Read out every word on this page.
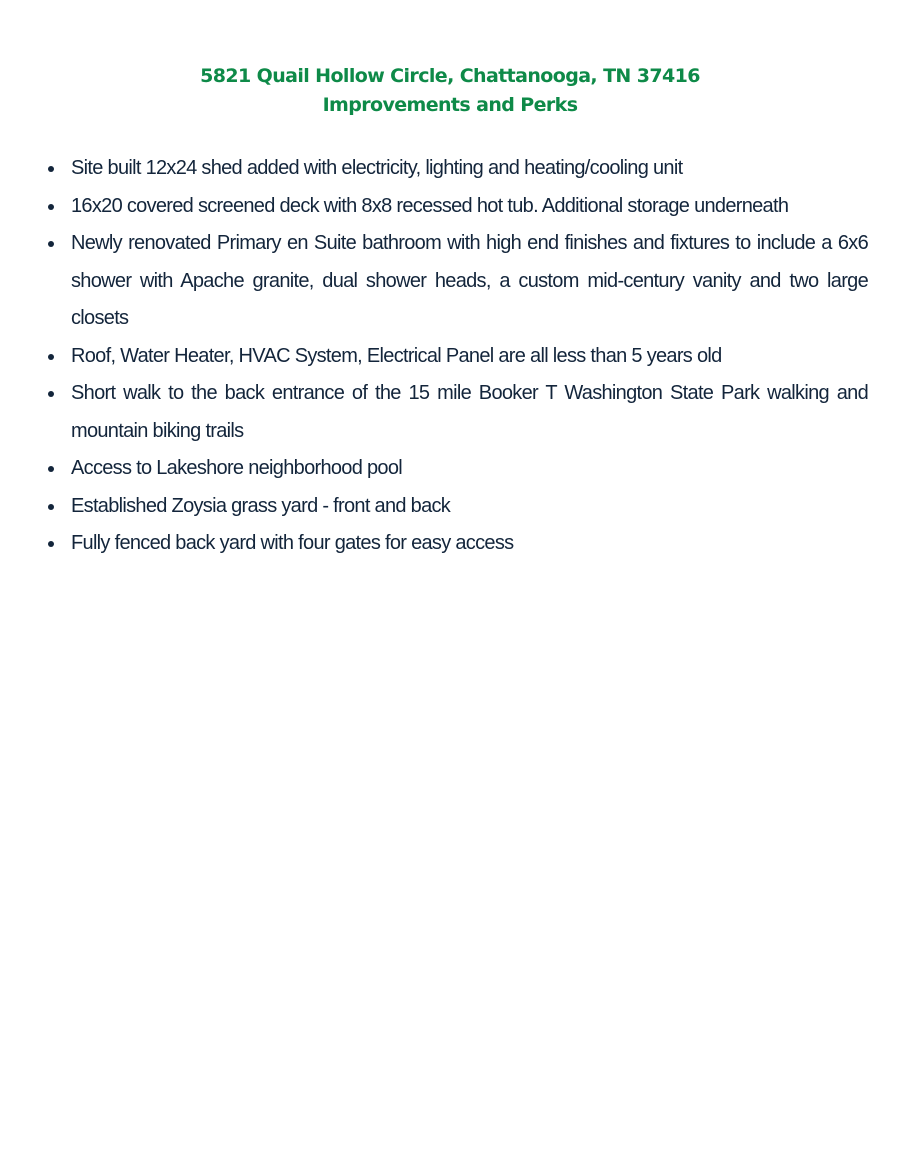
5821 Quail Hollow Circle, Chattanooga, TN 37416
Improvements and Perks
Site built 12x24 shed added with electricity, lighting and heating/cooling unit
16x20 covered screened deck with 8x8 recessed hot tub. Additional storage underneath
Newly renovated Primary en Suite bathroom with high end finishes and fixtures to include a 6x6 shower with Apache granite, dual shower heads, a custom mid-century vanity and two large closets
Roof, Water Heater, HVAC System, Electrical Panel are all less than 5 years old
Short walk to the back entrance of the 15 mile Booker T Washington State Park walking and mountain biking trails
Access to Lakeshore neighborhood pool
Established Zoysia grass yard - front and back
Fully fenced back yard with four gates for easy access
